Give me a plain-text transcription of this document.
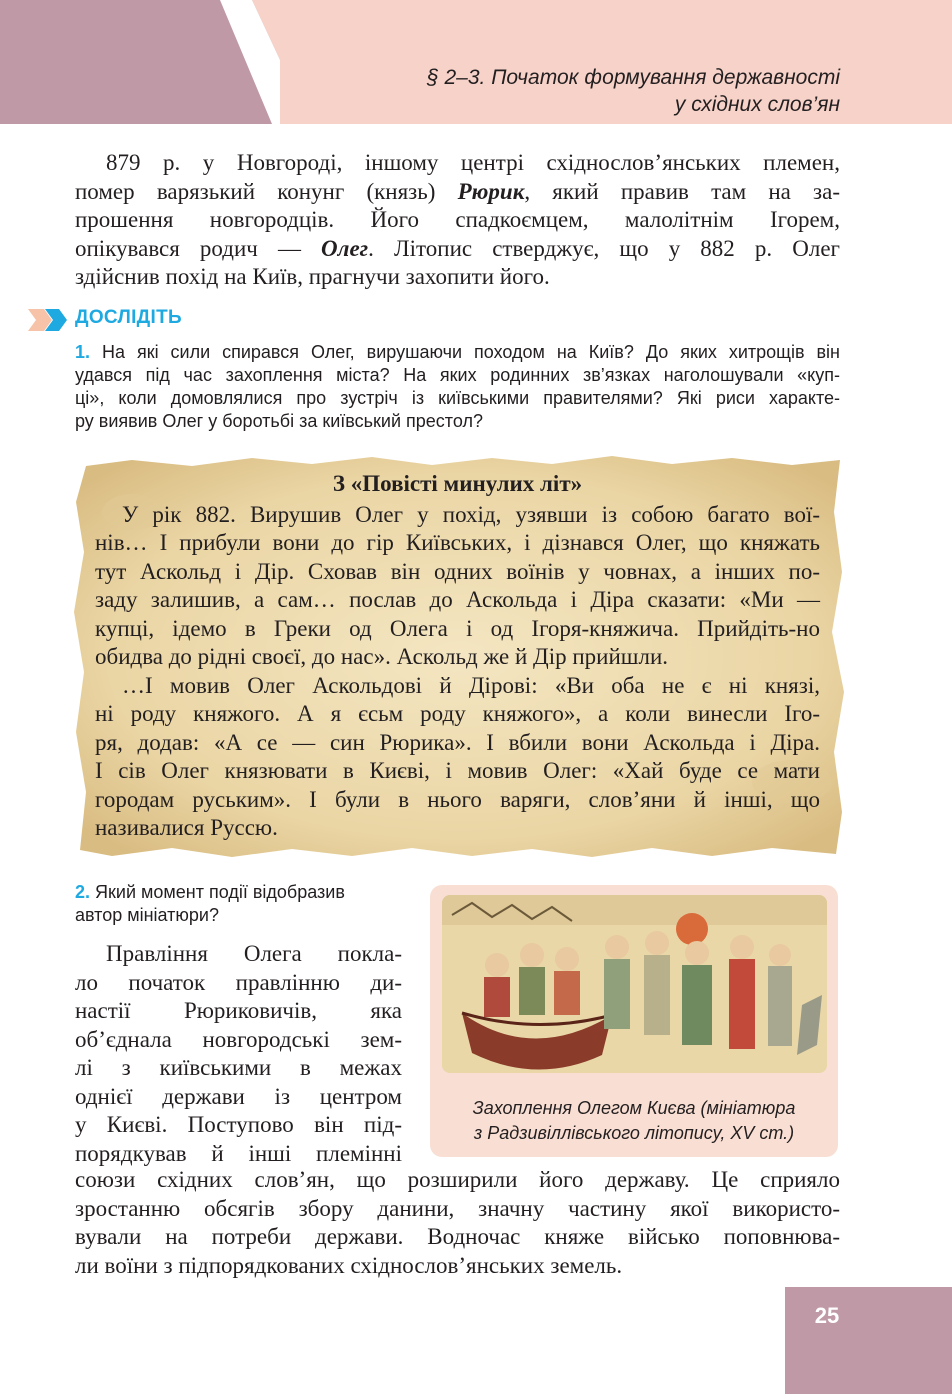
§ 2–3. Початок формування державності
у східних слов’ян
879 р. у Новгороді, іншому центрі східнослов’янських племен,
помер варязький конунг (князь) Рюрик, який правив там на за-
прошення новгородців. Його спадкоємцем, малолітнім Ігорем,
опікувався родич — Олег. Літопис стверджує, що у 882 р. Олег
здійснив похід на Київ, прагнучи захопити його.
ДОСЛІДІТЬ
1. На які сили спирався Олег, вирушаючи походом на Київ? До яких хитрощів він
удався під час захоплення міста? На яких родинних зв’язках наголошували «куп-
ці», коли домовлялися про зустріч із київськими правителями? Які риси характе-
ру виявив Олег у боротьбі за київський престол?
З «Повісті минулих літ»
У рік 882. Вирушив Олег у похід, узявши із собою багато вої-
нів… І прибули вони до гір Київських, і дізнався Олег, що княжать
тут Аскольд і Дір. Сховав він одних воїнів у човнах, а інших по-
заду залишив, а сам… послав до Аскольда і Діра сказати: «Ми —
купці, ідемо в Греки од Олега і од Ігоря-княжича. Прийдіть-но
обидва до рідні своєї, до нас». Аскольд же й Дір прийшли.
…І мовив Олег Аскольдові й Дірові: «Ви оба не є ні князі,
ні роду княжого. А я єсьм роду княжого», а коли винесли Іго-
ря, додав: «А се — син Рюрика». І вбили вони Аскольда і Діра.
І сів Олег князювати в Києві, і мовив Олег: «Хай буде се мати
городам руським». І були в нього варяги, слов’яни й інші, що
називалися Руссю.
2. Який момент події відобразив
автор мініатюри?
Правління Олега покла-
ло початок правлінню ди-
настії Рюриковичів, яка
об’єднала новгородські зем-
лі з київськими в межах
однієї держави із центром
у Києві. Поступово він під-
порядкував й інші племінні
Захоплення Олегом Києва (мініатюра
з Радзивіллівського літопису, XV ст.)
союзи східних слов’ян, що розширили його державу. Це сприяло
зростанню обсягів збору данини, значну частину якої використо-
вували на потреби держави. Водночас княже військо поповнюва-
ли воїни з підпорядкованих східнослов’янських земель.
25
